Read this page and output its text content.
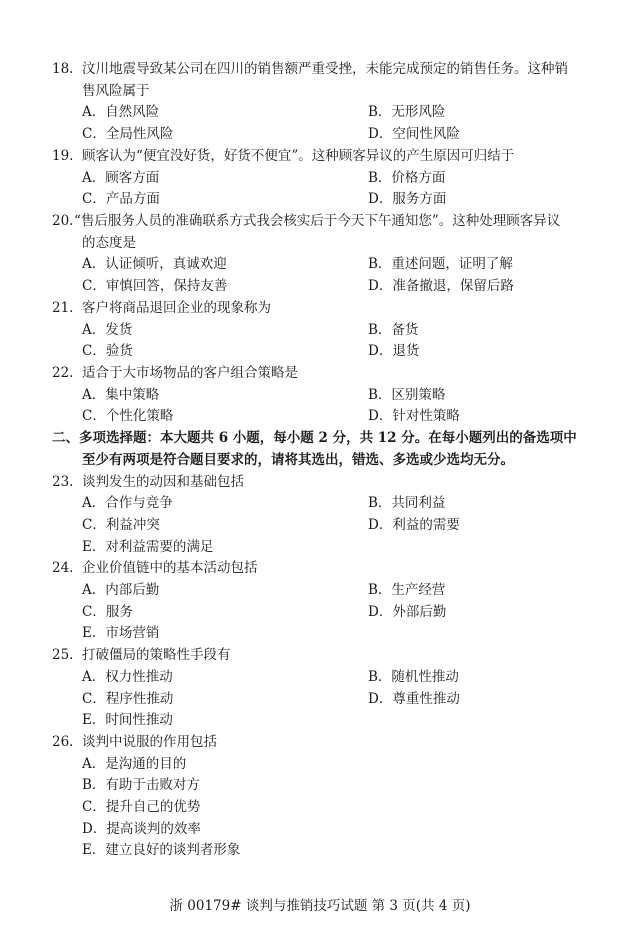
18. 汶川地震导致某公司在四川的销售额严重受挫，未能完成预定的销售任务。这种销
售风险属于
A．自然风险	B．无形风险
C．全局性风险	D．空间性风险
19. 顾客认为“便宜没好货，好货不便宜”。这种顾客异议的产生原因可归结于
A．顾客方面	B．价格方面
C．产品方面	D．服务方面
20. “售后服务人员的准确联系方式我会核实后于今天下午通知您”。这种处理顾客异议
的态度是
A．认证倾听，真诚欢迎	B．重述问题，证明了解
C．审慎回答，保持友善	D．准备撤退，保留后路
21. 客户将商品退回企业的现象称为
A．发货	B．备货
C．验货	D．退货
22. 适合于大市场物品的客户组合策略是
A．集中策略	B．区别策略
C．个性化策略	D．针对性策略
二、多项选择题：本大题共 6 小题，每小题 2 分，共 12 分。在每小题列出的备选项中
至少有两项是符合题目要求的，请将其选出，错选、多选或少选均无分。
23. 谈判发生的动因和基础包括
A．合作与竞争	B．共同利益
C．利益冲突	D．利益的需要
E．对利益需要的满足
24. 企业价值链中的基本活动包括
A．内部后勤	B．生产经营
C．服务	D．外部后勤
E．市场营销
25. 打破僵局的策略性手段有
A．权力性推动	B．随机性推动
C．程序性推动	D．尊重性推动
E．时间性推动
26. 谈判中说服的作用包括
A．是沟通的目的
B．有助于击败对方
C．提升自己的优势
D．提高谈判的效率
E．建立良好的谈判者形象
浙 00179# 谈判与推销技巧试题 第 3 页(共 4 页)
